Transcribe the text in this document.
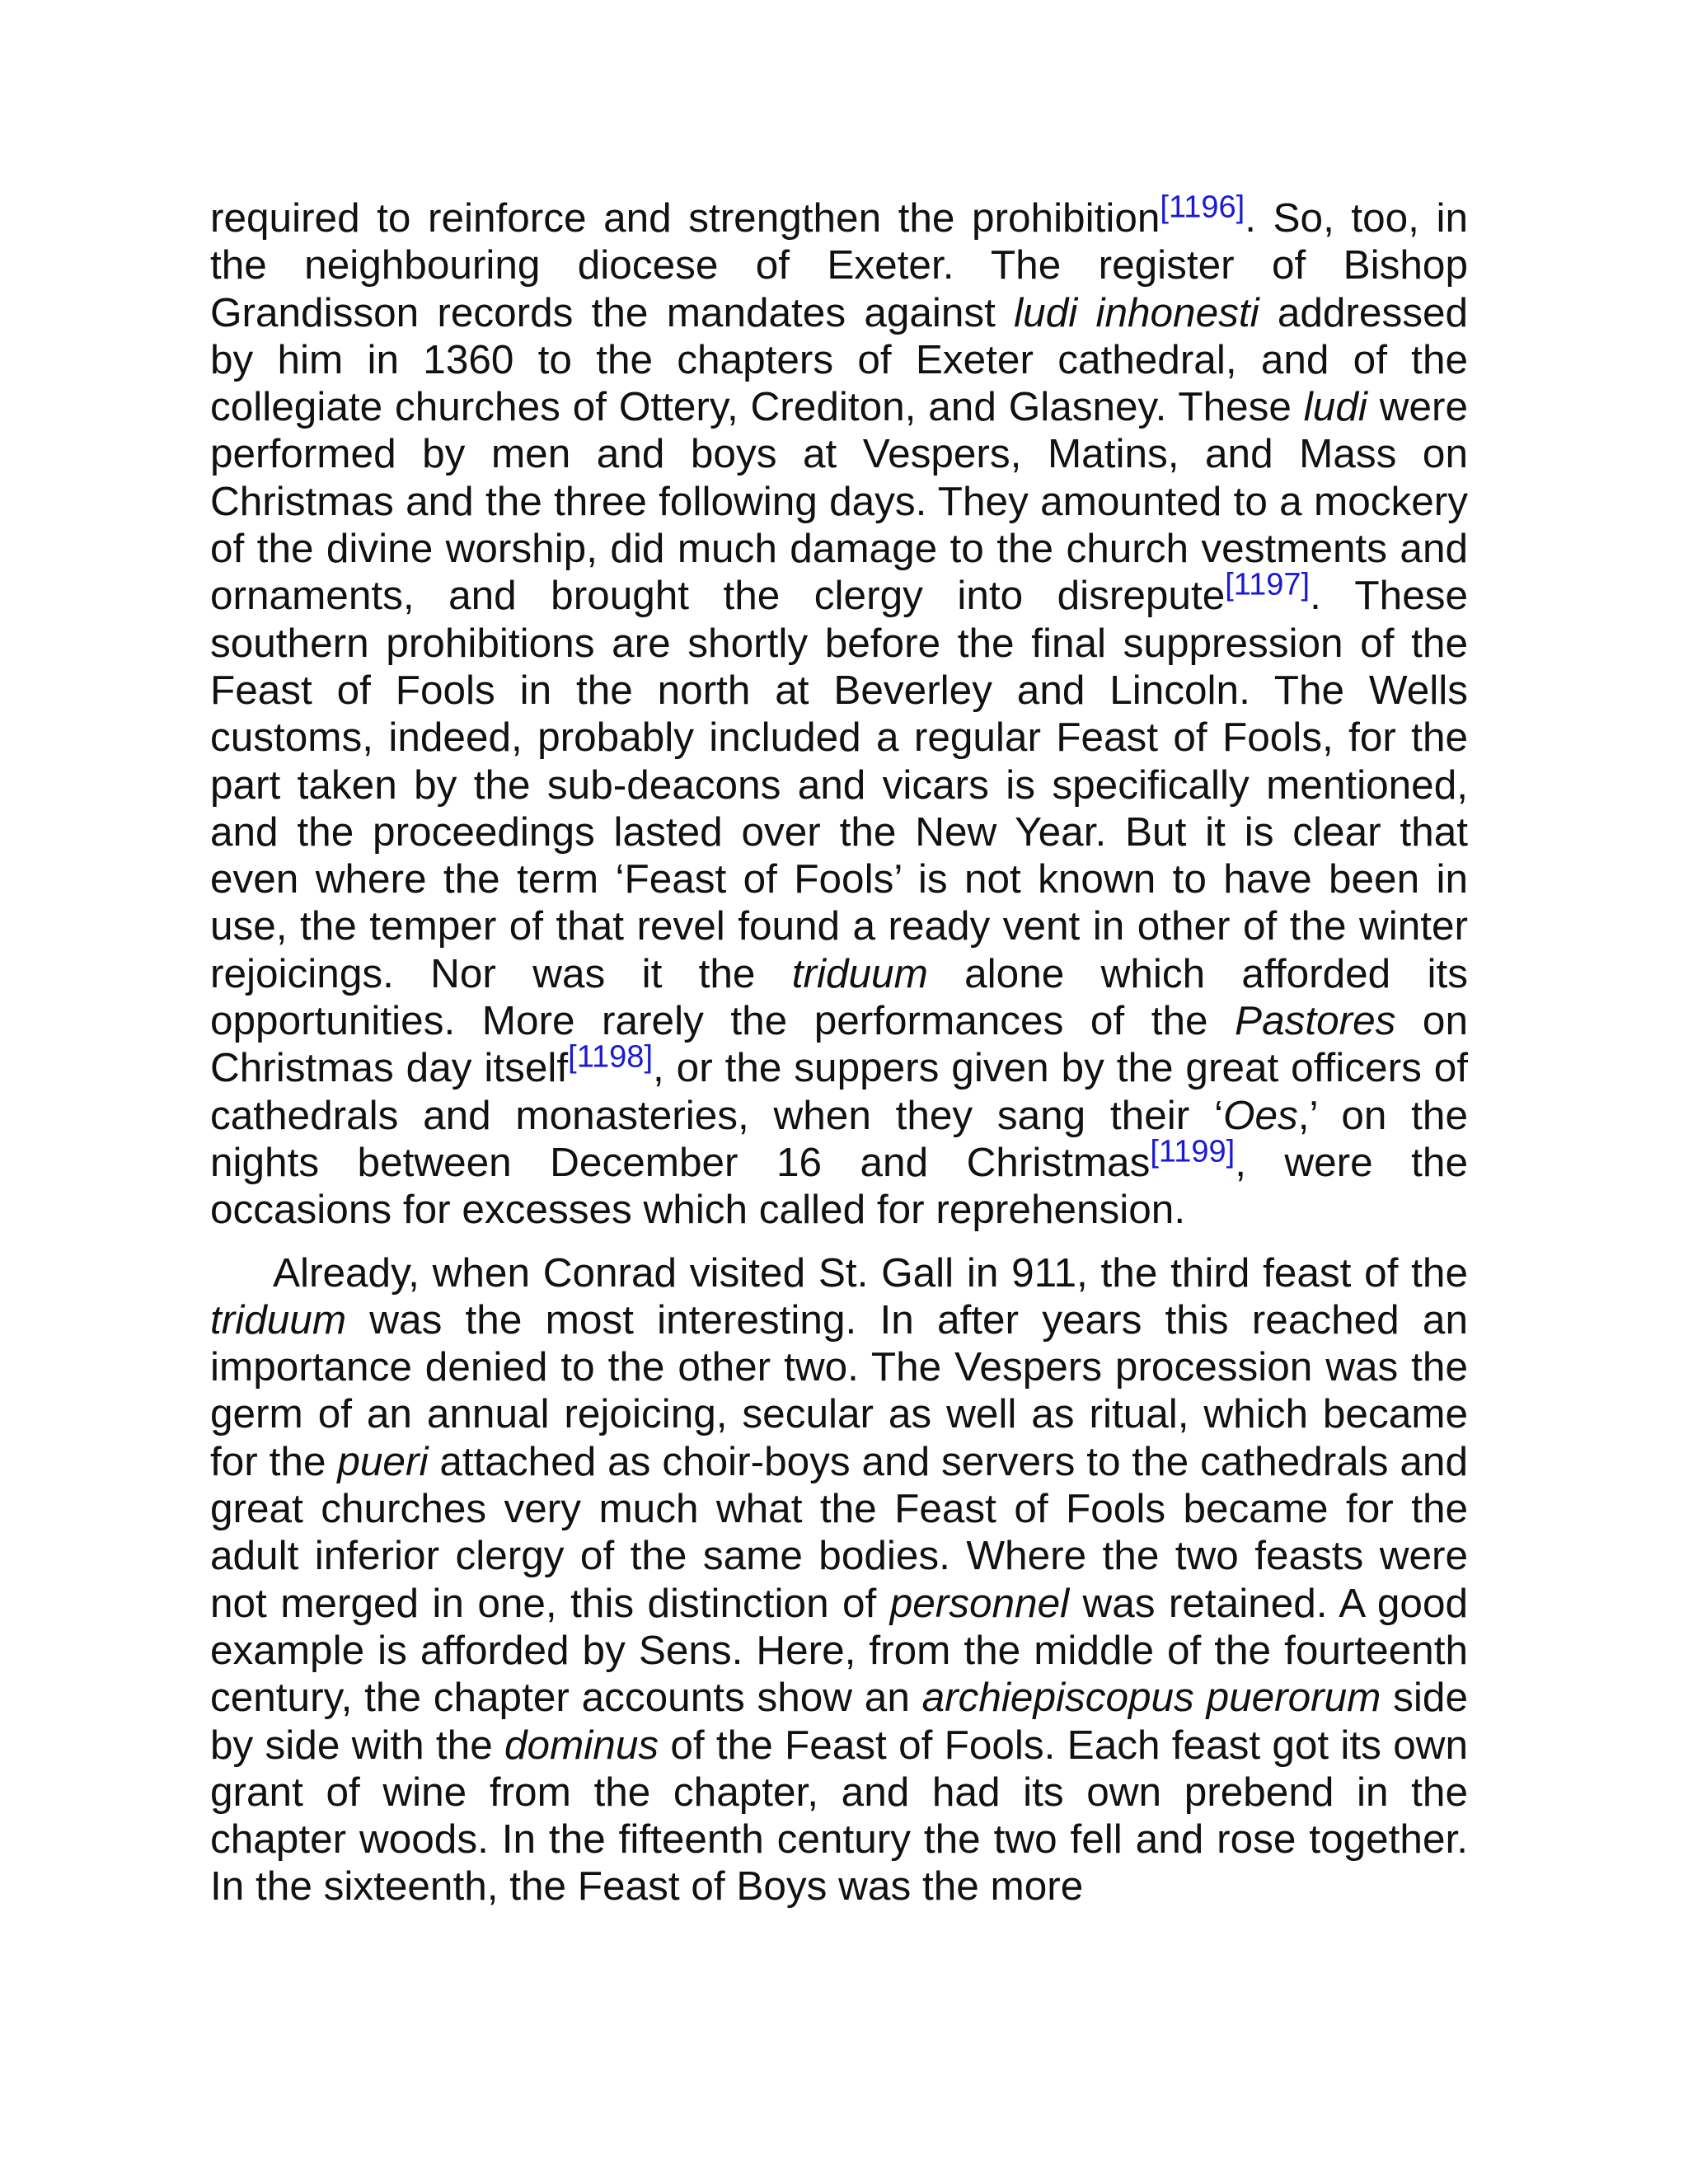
required to reinforce and strengthen the prohibition[1196]. So, too, in the neighbouring diocese of Exeter. The register of Bishop Grandisson records the mandates against ludi inhonesti addressed by him in 1360 to the chapters of Exeter cathedral, and of the collegiate churches of Ottery, Crediton, and Glasney. These ludi were performed by men and boys at Vespers, Matins, and Mass on Christmas and the three following days. They amounted to a mockery of the divine worship, did much damage to the church vestments and ornaments, and brought the clergy into disrepute[1197]. These southern prohibitions are shortly before the final suppression of the Feast of Fools in the north at Beverley and Lincoln. The Wells customs, indeed, probably included a regular Feast of Fools, for the part taken by the sub-deacons and vicars is specifically mentioned, and the proceedings lasted over the New Year. But it is clear that even where the term ‘Feast of Fools’ is not known to have been in use, the temper of that revel found a ready vent in other of the winter rejoicings. Nor was it the triduum alone which afforded its opportunities. More rarely the performances of the Pastores on Christmas day itself[1198], or the suppers given by the great officers of cathedrals and monasteries, when they sang their ‘Oes,’ on the nights between December 16 and Christmas[1199], were the occasions for excesses which called for reprehension.

Already, when Conrad visited St. Gall in 911, the third feast of the triduum was the most interesting. In after years this reached an importance denied to the other two. The Vespers procession was the germ of an annual rejoicing, secular as well as ritual, which became for the pueri attached as choir-boys and servers to the cathedrals and great churches very much what the Feast of Fools became for the adult inferior clergy of the same bodies. Where the two feasts were not merged in one, this distinction of personnel was retained. A good example is afforded by Sens. Here, from the middle of the fourteenth century, the chapter accounts show an archiepiscopus puerorum side by side with the dominus of the Feast of Fools. Each feast got its own grant of wine from the chapter, and had its own prebend in the chapter woods. In the fifteenth century the two fell and rose together. In the sixteenth, the Feast of Boys was the more
